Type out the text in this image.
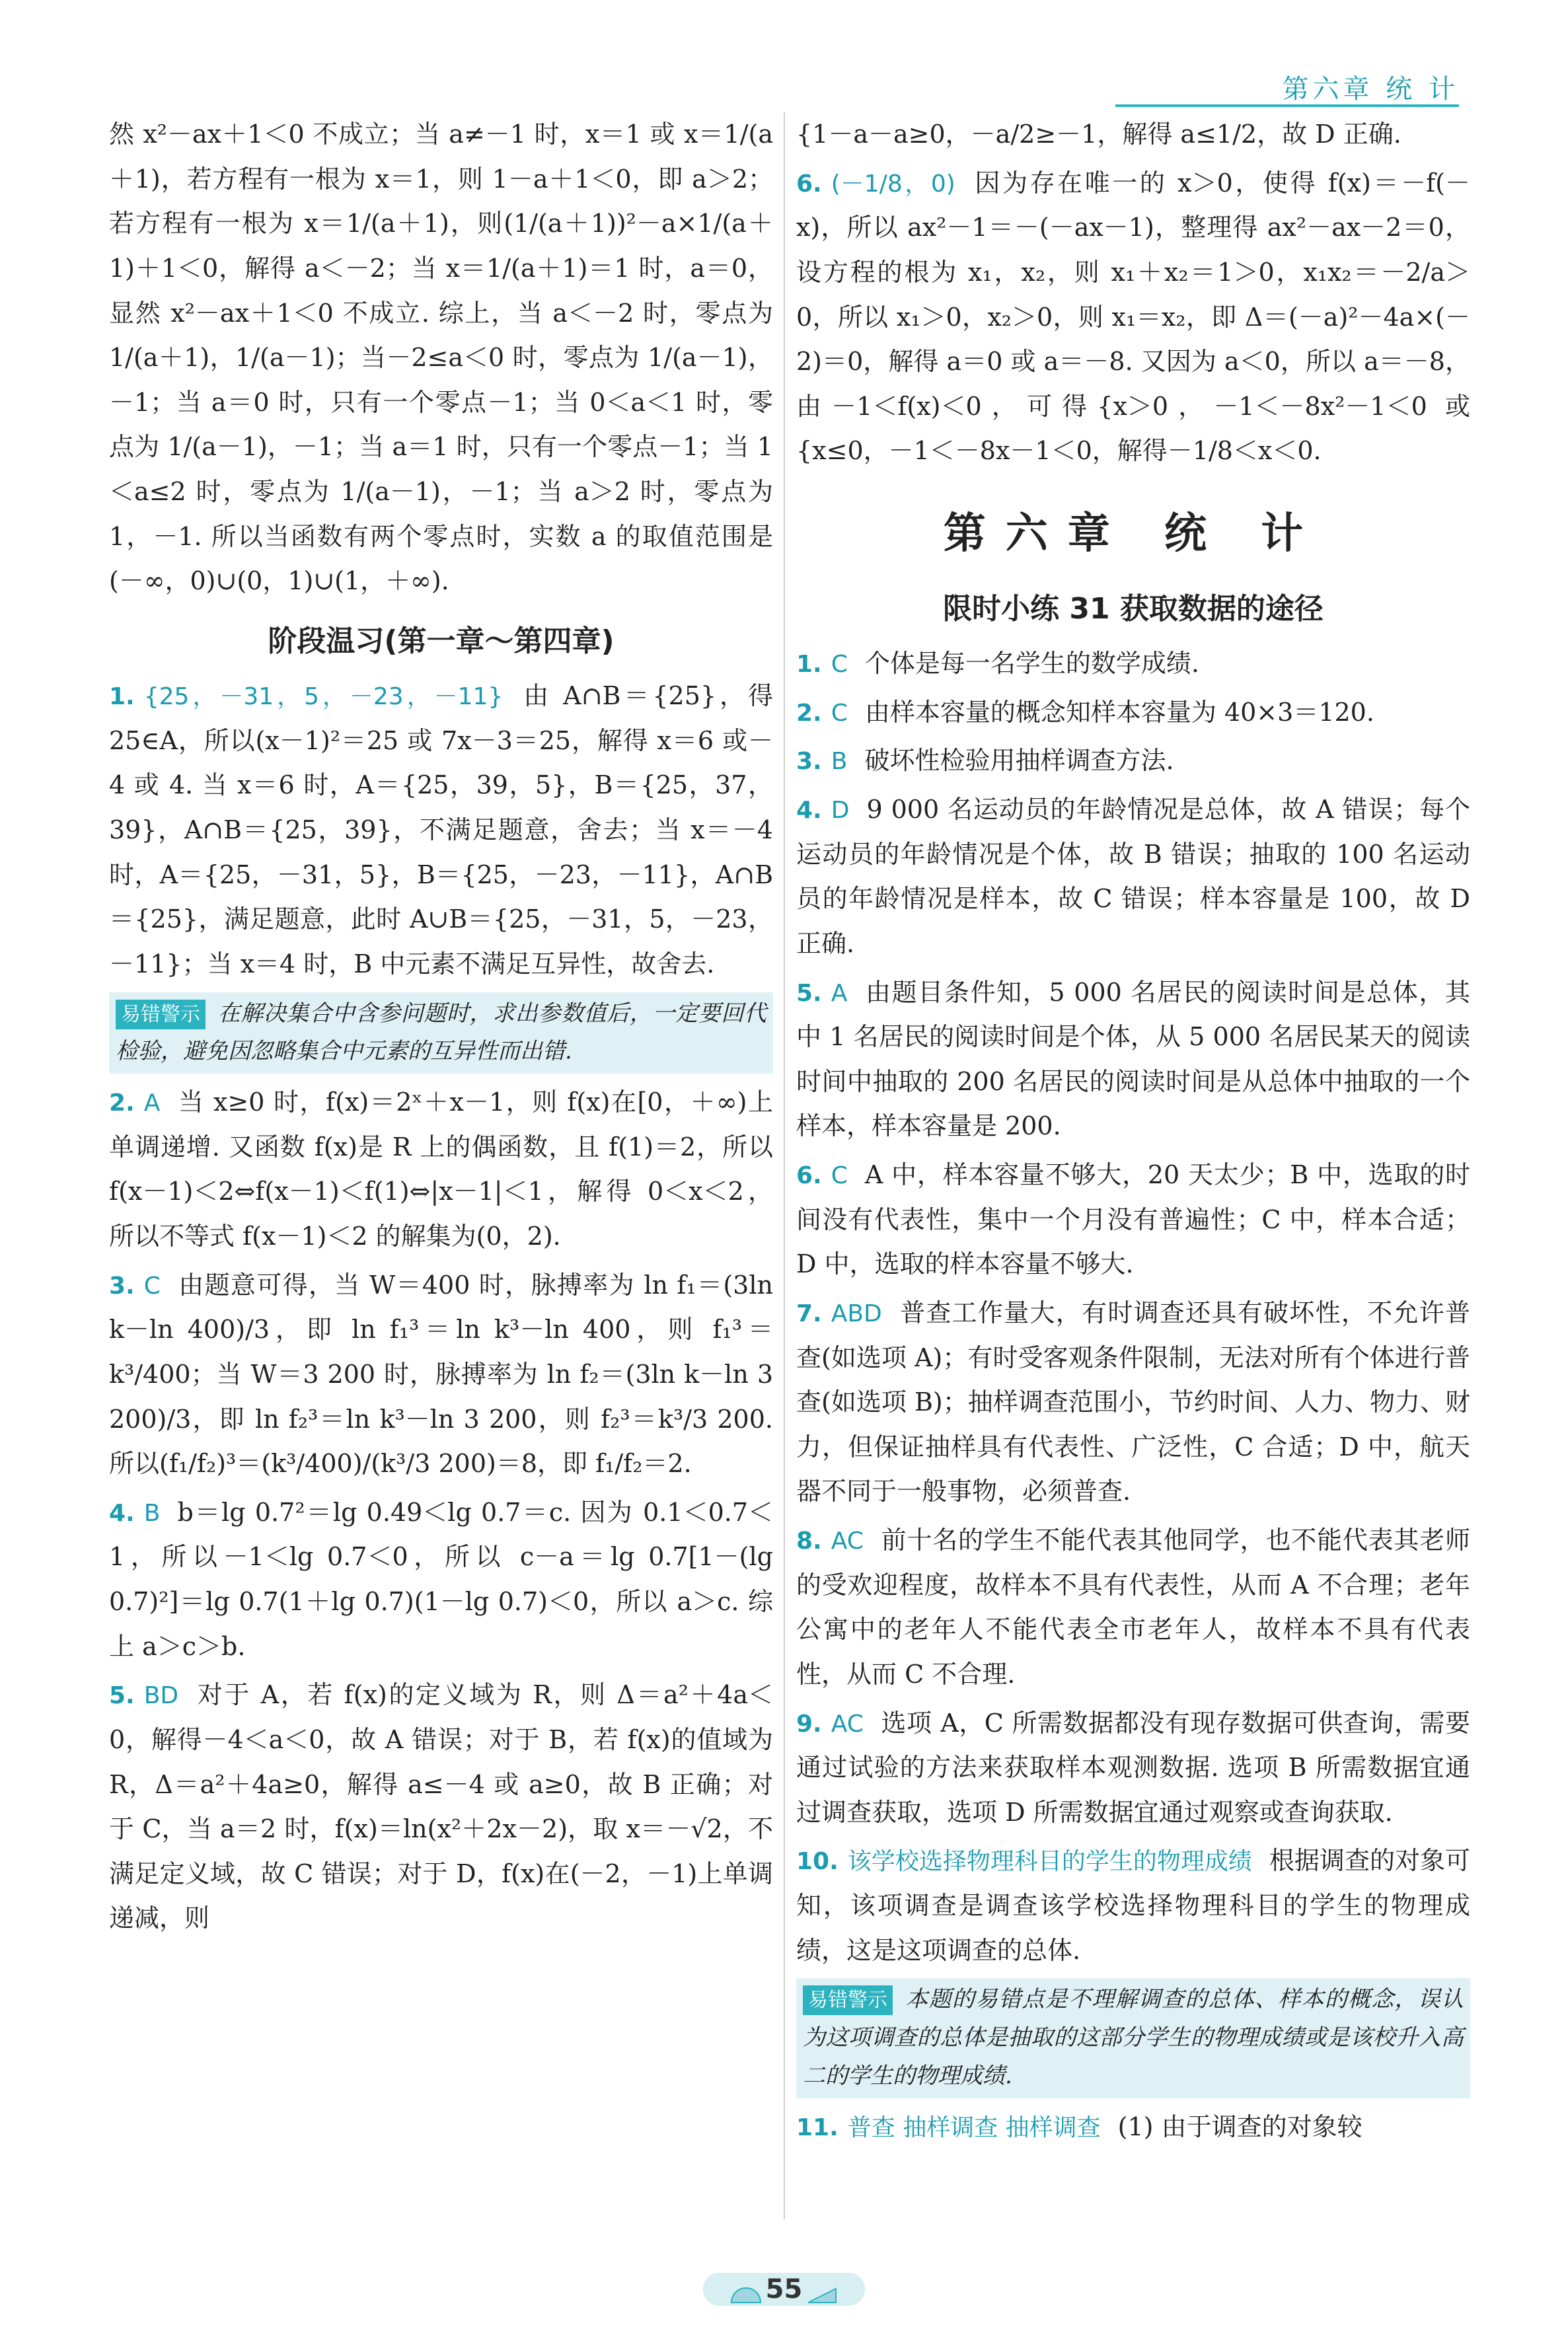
第六章 统 计

然 x²－ax＋1＜0 不成立；当 a≠－1 时，x＝1 或 x＝1/(a＋1)，若方程有一根为 x＝1，则 1－a＋1＜0，即 a＞2；若方程有一根为 x＝1/(a＋1)，则(1/(a＋1))²－a×1/(a＋1)＋1＜0，解得 a＜－2；当 x＝1/(a＋1)＝1 时，a＝0，显然 x²－ax＋1＜0 不成立. 综上，当 a＜－2 时，零点为 1/(a＋1)，1/(a－1)；当－2≤a＜0 时，零点为 1/(a－1)，－1；当 a＝0 时，只有一个零点－1；当 0＜a＜1 时，零点为 1/(a－1)，－1；当 a＝1 时，只有一个零点－1；当 1＜a≤2 时，零点为 1/(a－1)，－1；当 a＞2 时，零点为 1，－1. 所以当函数有两个零点时，实数 a 的取值范围是(－∞，0)∪(0，1)∪(1，＋∞).

阶段温习(第一章～第四章)

1. {25，－31，5，－23，－11} 由 A∩B＝{25}，得 25∈A，所以(x－1)²＝25 或 7x－3＝25，解得 x＝6 或－4 或 4. 当 x＝6 时，A＝{25，39，5}，B＝{25，37，39}，A∩B＝{25，39}，不满足题意，舍去；当 x＝－4 时，A＝{25，－31，5}，B＝{25，－23，－11}，A∩B＝{25}，满足题意，此时 A∪B＝{25，－31，5，－23，－11}；当 x＝4 时，B 中元素不满足互异性，故舍去.

易错警示 在解决集合中含参问题时，求出参数值后，一定要回代检验，避免因忽略集合中元素的互异性而出错.

2. A 当 x≥0 时，f(x)＝2ˣ＋x－1，则 f(x)在[0，＋∞)上单调递增. 又函数 f(x)是 R 上的偶函数，且 f(1)＝2，所以 f(x－1)＜2⇔f(x－1)＜f(1)⇔|x－1|＜1，解得 0＜x＜2，所以不等式 f(x－1)＜2 的解集为(0，2).

3. C 由题意可得，当 W＝400 时，脉搏率为 ln f₁＝(3ln k－ln 400)/3，即 ln f₁³＝ln k³－ln 400，则 f₁³＝k³/400；当 W＝3 200 时，脉搏率为 ln f₂＝(3ln k－ln 3 200)/3，即 ln f₂³＝ln k³－ln 3 200，则 f₂³＝k³/3 200. 所以(f₁/f₂)³＝(k³/400)/(k³/3 200)＝8，即 f₁/f₂＝2.

4. B b＝lg 0.7²＝lg 0.49＜lg 0.7＝c. 因为 0.1＜0.7＜1，所以－1＜lg 0.7＜0，所以 c－a＝lg 0.7[1－(lg 0.7)²]＝lg 0.7(1＋lg 0.7)(1－lg 0.7)＜0，所以 a＞c. 综上 a＞c＞b.

5. BD 对于 A，若 f(x)的定义域为 R，则 Δ＝a²＋4a＜0，解得－4＜a＜0，故 A 错误；对于 B，若 f(x)的值域为 R，Δ＝a²＋4a≥0，解得 a≤－4 或 a≥0，故 B 正确；对于 C，当 a＝2 时，f(x)＝ln(x²＋2x－2)，取 x＝－√2，不满足定义域，故 C 错误；对于 D，f(x)在(－2，－1)上单调递减，则

{1－a－a≥0，－a/2≥－1，解得 a≤1/2，故 D 正确.

6. (－1/8，0) 因为存在唯一的 x＞0，使得 f(x)＝－f(－x)，所以 ax²－1＝－(－ax－1)，整理得 ax²－ax－2＝0，设方程的根为 x₁，x₂，则 x₁＋x₂＝1＞0，x₁x₂＝－2/a＞0，所以 x₁＞0，x₂＞0，则 x₁＝x₂，即 Δ＝(－a)²－4a×(－2)＝0，解得 a＝0 或 a＝－8. 又因为 a＜0，所以 a＝－8，由－1＜f(x)＜0，可得{x＞0，－1＜－8x²－1＜0 或{x≤0，－1＜－8x－1＜0，解得－1/8＜x＜0.

第六章 统 计
限时小练 31 获取数据的途径

1. C 个体是每一名学生的数学成绩.

2. C 由样本容量的概念知样本容量为 40×3＝120.

3. B 破坏性检验用抽样调查方法.

4. D 9 000 名运动员的年龄情况是总体，故 A 错误；每个运动员的年龄情况是个体，故 B 错误；抽取的 100 名运动员的年龄情况是样本，故 C 错误；样本容量是 100，故 D 正确.

5. A 由题目条件知，5 000 名居民的阅读时间是总体，其中 1 名居民的阅读时间是个体，从 5 000 名居民某天的阅读时间中抽取的 200 名居民的阅读时间是从总体中抽取的一个样本，样本容量是 200.

6. C A 中，样本容量不够大，20 天太少；B 中，选取的时间没有代表性，集中一个月没有普遍性；C 中，样本合适；D 中，选取的样本容量不够大.

7. ABD 普查工作量大，有时调查还具有破坏性，不允许普查(如选项 A)；有时受客观条件限制，无法对所有个体进行普查(如选项 B)；抽样调查范围小，节约时间、人力、物力、财力，但保证抽样具有代表性、广泛性，C 合适；D 中，航天器不同于一般事物，必须普查.

8. AC 前十名的学生不能代表其他同学，也不能代表其老师的受欢迎程度，故样本不具有代表性，从而 A 不合理；老年公寓中的老年人不能代表全市老年人，故样本不具有代表性，从而 C 不合理.

9. AC 选项 A，C 所需数据都没有现存数据可供查询，需要通过试验的方法来获取样本观测数据. 选项 B 所需数据宜通过调查获取，选项 D 所需数据宜通过观察或查询获取.

10. 该学校选择物理科目的学生的物理成绩 根据调查的对象可知，该项调查是调查该学校选择物理科目的学生的物理成绩，这是这项调查的总体.

易错警示 本题的易错点是不理解调查的总体、样本的概念，误认为这项调查的总体是抽取的这部分学生的物理成绩或是该校升入高二的学生的物理成绩.

11. 普查 抽样调查 抽样调查 (1) 由于调查的对象较

55
